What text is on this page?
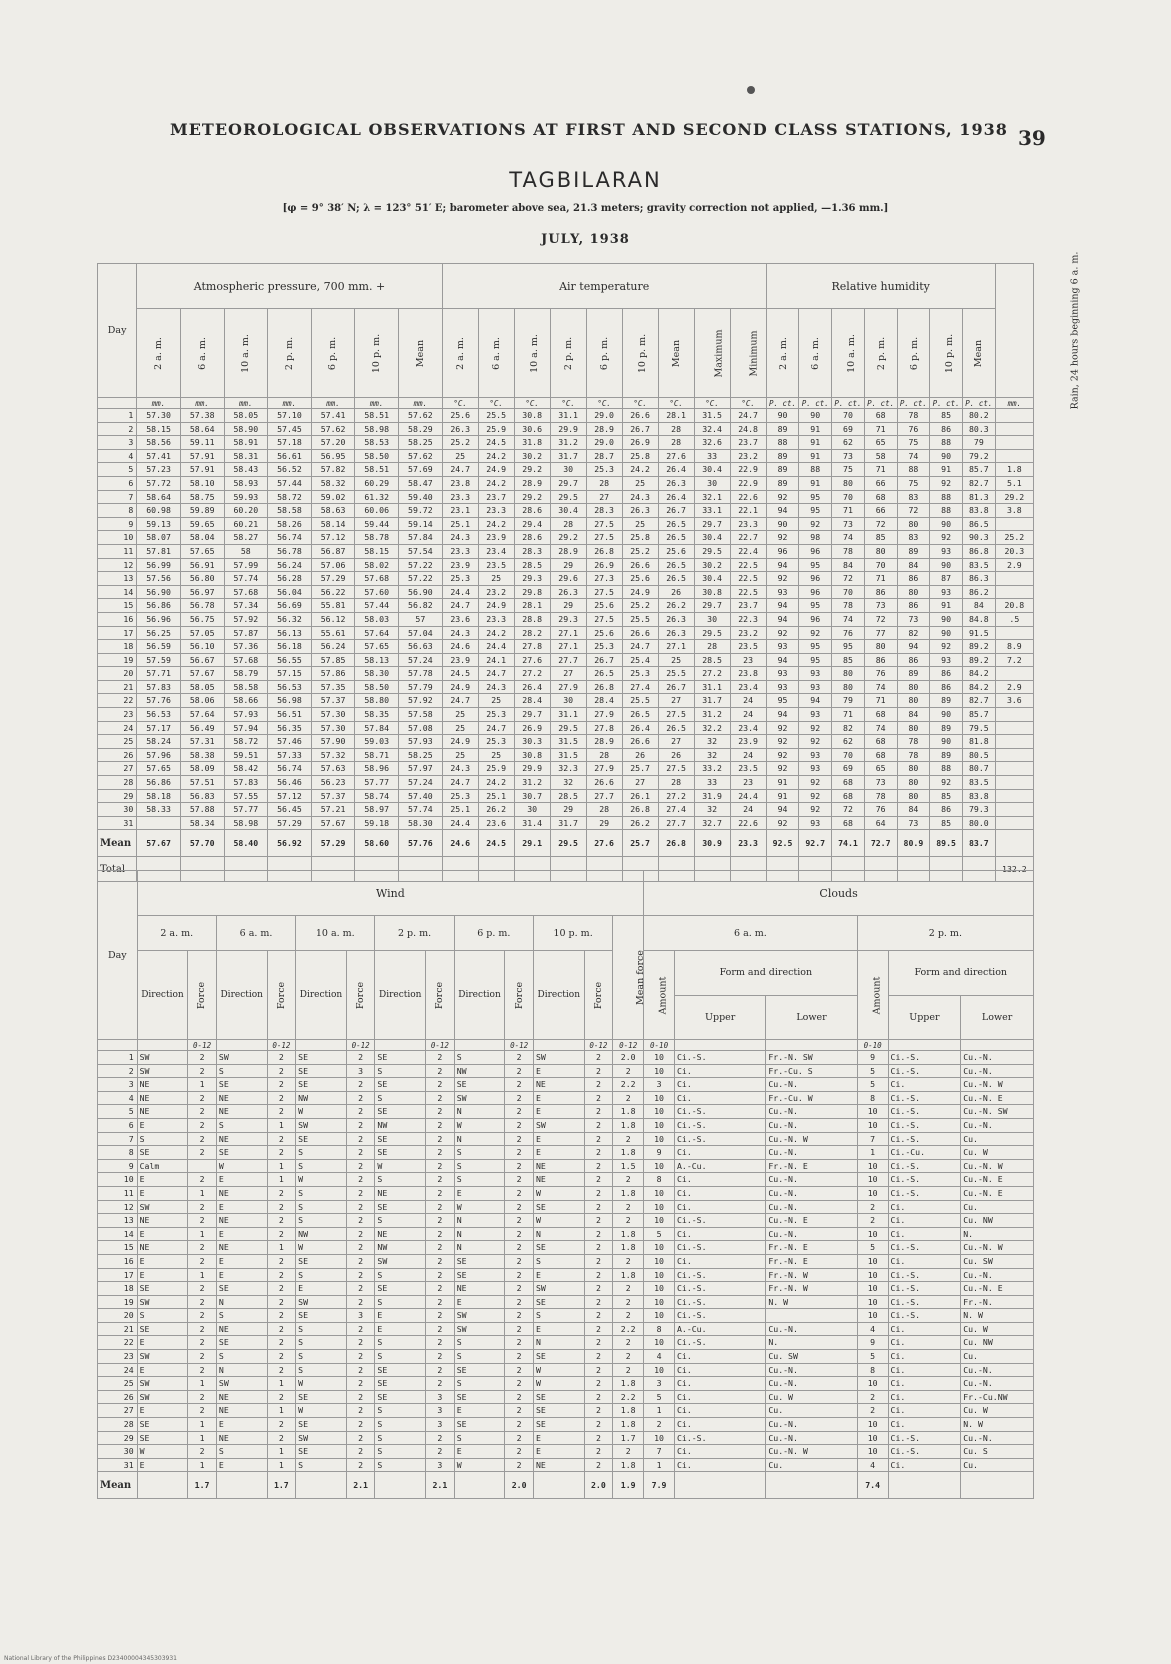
METEOROLOGICAL OBSERVATIONS AT FIRST AND SECOND CLASS STATIONS, 1938 39
TAGBILARAN
[φ = 9° 38′ N; λ = 123° 51′ E; barometer above sea, 21.3 meters; gravity correction not applied, —1.36 mm.]
JULY, 1938
Day	Atmospheric pressure, 700 mm. +							Air temperature									Relative humidity							Rain, 24 hours beginning 6 a. m.
	2 a. m.	6 a. m.	10 a. m.	2 p. m.	6 p. m.	10 p. m.	Mean	2 a. m.	6 a. m.	10 a. m.	2 p. m.	6 p. m.	10 p. m.	Mean	Maximum	Minimum	2 a. m.	6 a. m.	10 a. m.	2 p. m.	6 p. m.	10 p. m.	Mean	
	mm.	mm.	mm.	mm.	mm.	mm.	mm.	°C.	°C.	°C.	°C.	°C.	°C.	°C.	°C.	°C.	P. ct.	P. ct.	P. ct.	P. ct.	P. ct.	P. ct.	P. ct.	mm.
1	57.30	57.38	58.05	57.10	57.41	58.51	57.62	25.6	25.5	30.8	31.1	29.0	26.6	28.1	31.5	24.7	90	90	70	68	78	85	80.2	
2	58.15	58.64	58.90	57.45	57.62	58.98	58.29	26.3	25.9	30.6	29.9	28.9	26.7	28	32.4	24.8	89	91	69	71	76	86	80.3	
3	58.56	59.11	58.91	57.18	57.20	58.53	58.25	25.2	24.5	31.8	31.2	29.0	26.9	28	32.6	23.7	88	91	62	65	75	88	79	
4	57.41	57.91	58.31	56.61	56.95	58.50	57.62	25	24.2	30.2	31.7	28.7	25.8	27.6	33	23.2	89	91	73	58	74	90	79.2	
5	57.23	57.91	58.43	56.52	57.82	58.51	57.69	24.7	24.9	29.2	30	25.3	24.2	26.4	30.4	22.9	89	88	75	71	88	91	85.7	1.8
6	57.72	58.10	58.93	57.44	58.32	60.29	58.47	23.8	24.2	28.9	29.7	28	25	26.3	30	22.9	89	91	80	66	75	92	82.7	5.1
7	58.64	58.75	59.93	58.72	59.02	61.32	59.40	23.3	23.7	29.2	29.5	27	24.3	26.4	32.1	22.6	92	95	70	68	83	88	81.3	29.2
8	60.98	59.89	60.20	58.58	58.63	60.06	59.72	23.1	23.3	28.6	30.4	28.3	26.3	26.7	33.1	22.1	94	95	71	66	72	88	83.8	3.8
9	59.13	59.65	60.21	58.26	58.14	59.44	59.14	25.1	24.2	29.4	28	27.5	25	26.5	29.7	23.3	90	92	73	72	80	90	86.5	
10	58.07	58.04	58.27	56.74	57.12	58.78	57.84	24.3	23.9	28.6	29.2	27.5	25.8	26.5	30.4	22.7	92	98	74	85	83	92	90.3	25.2
11	57.81	57.65	58	56.78	56.87	58.15	57.54	23.3	23.4	28.3	28.9	26.8	25.2	25.6	29.5	22.4	96	96	78	80	89	93	86.8	20.3
12	56.99	56.91	57.99	56.24	57.06	58.02	57.22	23.9	23.5	28.5	29	26.9	26.6	26.5	30.2	22.5	94	95	84	70	84	90	83.5	2.9
13	57.56	56.80	57.74	56.28	57.29	57.68	57.22	25.3	25	29.3	29.6	27.3	25.6	26.5	30.4	22.5	92	96	72	71	86	87	86.3	
14	56.90	56.97	57.68	56.04	56.22	57.60	56.90	24.4	23.2	29.8	26.3	27.5	24.9	26	30.8	22.5	93	96	70	86	80	93	86.2	
15	56.86	56.78	57.34	56.69	55.81	57.44	56.82	24.7	24.9	28.1	29	25.6	25.2	26.2	29.7	23.7	94	95	78	73	86	91	84	20.8
16	56.96	56.75	57.92	56.32	56.12	58.03	57	23.6	23.3	28.8	29.3	27.5	25.5	26.3	30	22.3	94	96	74	72	73	90	84.8	.5
17	56.25	57.05	57.87	56.13	55.61	57.64	57.04	24.3	24.2	28.2	27.1	25.6	26.6	26.3	29.5	23.2	92	92	76	77	82	90	91.5	
18	56.59	56.10	57.36	56.18	56.24	57.65	56.63	24.6	24.4	27.8	27.1	25.3	24.7	27.1	28	23.5	93	95	95	80	94	92	89.2	8.9
19	57.59	56.67	57.68	56.55	57.85	58.13	57.24	23.9	24.1	27.6	27.7	26.7	25.4	25	28.5	23	94	95	85	86	86	93	89.2	7.2
20	57.71	57.67	58.79	57.15	57.86	58.30	57.78	24.5	24.7	27.2	27	26.5	25.3	25.5	27.2	23.8	93	93	80	76	89	86	84.2	
21	57.83	58.05	58.58	56.53	57.35	58.50	57.79	24.9	24.3	26.4	27.9	26.8	27.4	26.7	31.1	23.4	93	93	80	74	80	86	84.2	2.9
22	57.76	58.06	58.66	56.98	57.37	58.80	57.92	24.7	25	28.4	30	28.4	25.5	27	31.7	24	95	94	79	71	80	89	82.7	3.6
23	56.53	57.64	57.93	56.51	57.30	58.35	57.58	25	25.3	29.7	31.1	27.9	26.5	27.5	31.2	24	94	93	71	68	84	90	85.7	
24	57.17	56.49	57.94	56.35	57.30	57.84	57.08	25	24.7	26.9	29.5	27.8	26.4	26.5	32.2	23.4	92	92	82	74	80	89	79.5	
25	58.24	57.31	58.72	57.46	57.90	59.03	57.93	24.9	25.3	30.3	31.5	28.9	26.6	27	32	23.9	92	92	62	68	78	90	81.8	
26	57.96	58.38	59.51	57.33	57.32	58.71	58.25	25	25	30.8	31.5	28	26	26	32	24	92	93	70	68	78	89	80.5	
27	57.65	58.09	58.42	56.74	57.63	58.96	57.97	24.3	25.9	29.9	32.3	27.9	25.7	27.5	33.2	23.5	92	93	69	65	80	88	80.7	
28	56.86	57.51	57.83	56.46	56.23	57.77	57.24	24.7	24.2	31.2	32	26.6	27	28	33	23	91	92	68	73	80	92	83.5	
29	58.18	56.83	57.55	57.12	57.37	58.74	57.40	25.3	25.1	30.7	28.5	27.7	26.1	27.2	31.9	24.4	91	92	68	78	80	85	83.8	
30	58.33	57.88	57.77	56.45	57.21	58.97	57.74	25.1	26.2	30	29	28	26.8	27.4	32	24	94	92	72	76	84	86	79.3	
31		58.34	58.98	57.29	57.67	59.18	58.30	24.4	23.6	31.4	31.7	29	26.2	27.7	32.7	22.6	92	93	68	64	73	85	80.0	
Mean	57.67	57.70	58.40	56.92	57.29	58.60	57.76	24.6	24.5	29.1	29.5	27.6	25.7	26.8	30.9	23.3	92.5	92.7	74.1	72.7	80.9	89.5	83.7	
Total																								132.2
Day	Wind													Clouds					
	2 a. m.		6 a. m.		10 a. m.		2 p. m.		6 p. m.		10 p. m.		Mean force	6 a. m.			2 p. m.		
	Direction	Force	Direction	Force	Direction	Force	Direction	Force	Direction	Force	Direction	Force		Amount	Form and direction		Amount	Form and direction	
															Upper	Lower		Upper	Lower
		0-12		0-12		0-12		0-12		0-12		0-12	0-12	0-10			0-10		
1	SW	2	SW	2	SE	2	SE	2	S	2	SW	2	2.0	10	Ci.-S.	Fr.-N. SW	9	Ci.-S.	Cu.-N.
2	SW	2	S	2	SE	3	S	2	NW	2	E	2	2	10	Ci.	Fr.-Cu. S	5	Ci.-S.	Cu.-N.
3	NE	1	SE	2	SE	2	SE	2	SE	2	NE	2	2.2	3	Ci.	Cu.-N.	5	Ci.	Cu.-N. W
4	NE	2	NE	2	NW	2	S	2	SW	2	E	2	2	10	Ci.	Fr.-Cu. W	8	Ci.-S.	Cu.-N. E
5	NE	2	NE	2	W	2	SE	2	N	2	E	2	1.8	10	Ci.-S.	Cu.-N.	10	Ci.-S.	Cu.-N. SW
6	E	2	S	1	SW	2	NW	2	W	2	SW	2	1.8	10	Ci.-S.	Cu.-N.	10	Ci.-S.	Cu.-N.
7	S	2	NE	2	SE	2	SE	2	N	2	E	2	2	10	Ci.-S.	Cu.-N. W	7	Ci.-S.	Cu.
8	SE	2	SE	2	S	2	SE	2	S	2	E	2	1.8	9	Ci.	Cu.-N.	1	Ci.-Cu.	Cu. W
9	Calm		W	1	S	2	W	2	S	2	NE	2	1.5	10	A.-Cu.	Fr.-N. E	10	Ci.-S.	Cu.-N. W
10	E	2	E	1	W	2	S	2	S	2	NE	2	2	8	Ci.	Cu.-N.	10	Ci.-S.	Cu.-N. E
11	E	1	NE	2	S	2	NE	2	E	2	W	2	1.8	10	Ci.	Cu.-N.	10	Ci.-S.	Cu.-N. E
12	SW	2	E	2	S	2	SE	2	W	2	SE	2	2	10	Ci.	Cu.-N.	2	Ci.	Cu.
13	NE	2	NE	2	S	2	S	2	N	2	W	2	2	10	Ci.-S.	Cu.-N. E	2	Ci.	Cu. NW
14	E	1	E	2	NW	2	NE	2	N	2	N	2	1.8	5	Ci.	Cu.-N.	10	Ci.	N.
15	NE	2	NE	1	W	2	NW	2	N	2	SE	2	1.8	10	Ci.-S.	Fr.-N. E	5	Ci.-S.	Cu.-N. W
16	E	2	E	2	SE	2	SW	2	SE	2	S	2	2	10	Ci.	Fr.-N. E	10	Ci.	Cu. SW
17	E	1	E	2	S	2	S	2	SE	2	E	2	1.8	10	Ci.-S.	Fr.-N. W	10	Ci.-S.	Cu.-N.
18	SE	2	SE	2	E	2	SE	2	NE	2	SW	2	2	10	Ci.-S.	Fr.-N. W	10	Ci.-S.	Cu.-N. E
19	SW	2	N	2	SW	2	S	2	E	2	SE	2	2	10	Ci.-S.	N. W	10	Ci.-S.	Fr.-N.
20	S	2	S	2	SE	3	E	2	SW	2	S	2	2	10	Ci.-S.		10	Ci.-S.	N. W
21	SE	2	NE	2	S	2	E	2	SW	2	E	2	2.2	8	A.-Cu.	Cu.-N.	4	Ci.	Cu. W
22	E	2	SE	2	S	2	S	2	S	2	N	2	2	10	Ci.-S.	N.	9	Ci.	Cu. NW
23	SW	2	S	2	S	2	S	2	S	2	SE	2	2	4	Ci.	Cu. SW	5	Ci.	Cu.
24	E	2	N	2	S	2	SE	2	SE	2	W	2	2	10	Ci.	Cu.-N.	8	Ci.	Cu.-N.
25	SW	1	SW	1	W	2	SE	2	S	2	W	2	1.8	3	Ci.	Cu.-N.	10	Ci.	Cu.-N.
26	SW	2	NE	2	SE	2	SE	3	SE	2	SE	2	2.2	5	Ci.	Cu. W	2	Ci.	Fr.-Cu.NW
27	E	2	NE	1	W	2	S	3	E	2	SE	2	1.8	1	Ci.	Cu.	2	Ci.	Cu. W
28	SE	1	E	2	SE	2	S	3	SE	2	SE	2	1.8	2	Ci.	Cu.-N.	10	Ci.	N. W
29	SE	1	NE	2	SW	2	S	2	S	2	E	2	1.7	10	Ci.-S.	Cu.-N.	10	Ci.-S.	Cu.-N.
30	W	2	S	1	SE	2	S	2	E	2	E	2	2	7	Ci.	Cu.-N. W	10	Ci.-S.	Cu. S
31	E	1	E	1	S	2	S	3	W	2	NE	2	1.8	1	Ci.	Cu.	4	Ci.	Cu.
Mean		1.7		1.7		2.1		2.1		2.0		2.0	1.9	7.9			7.4		
National Library of the Philippines D23400004345303931
